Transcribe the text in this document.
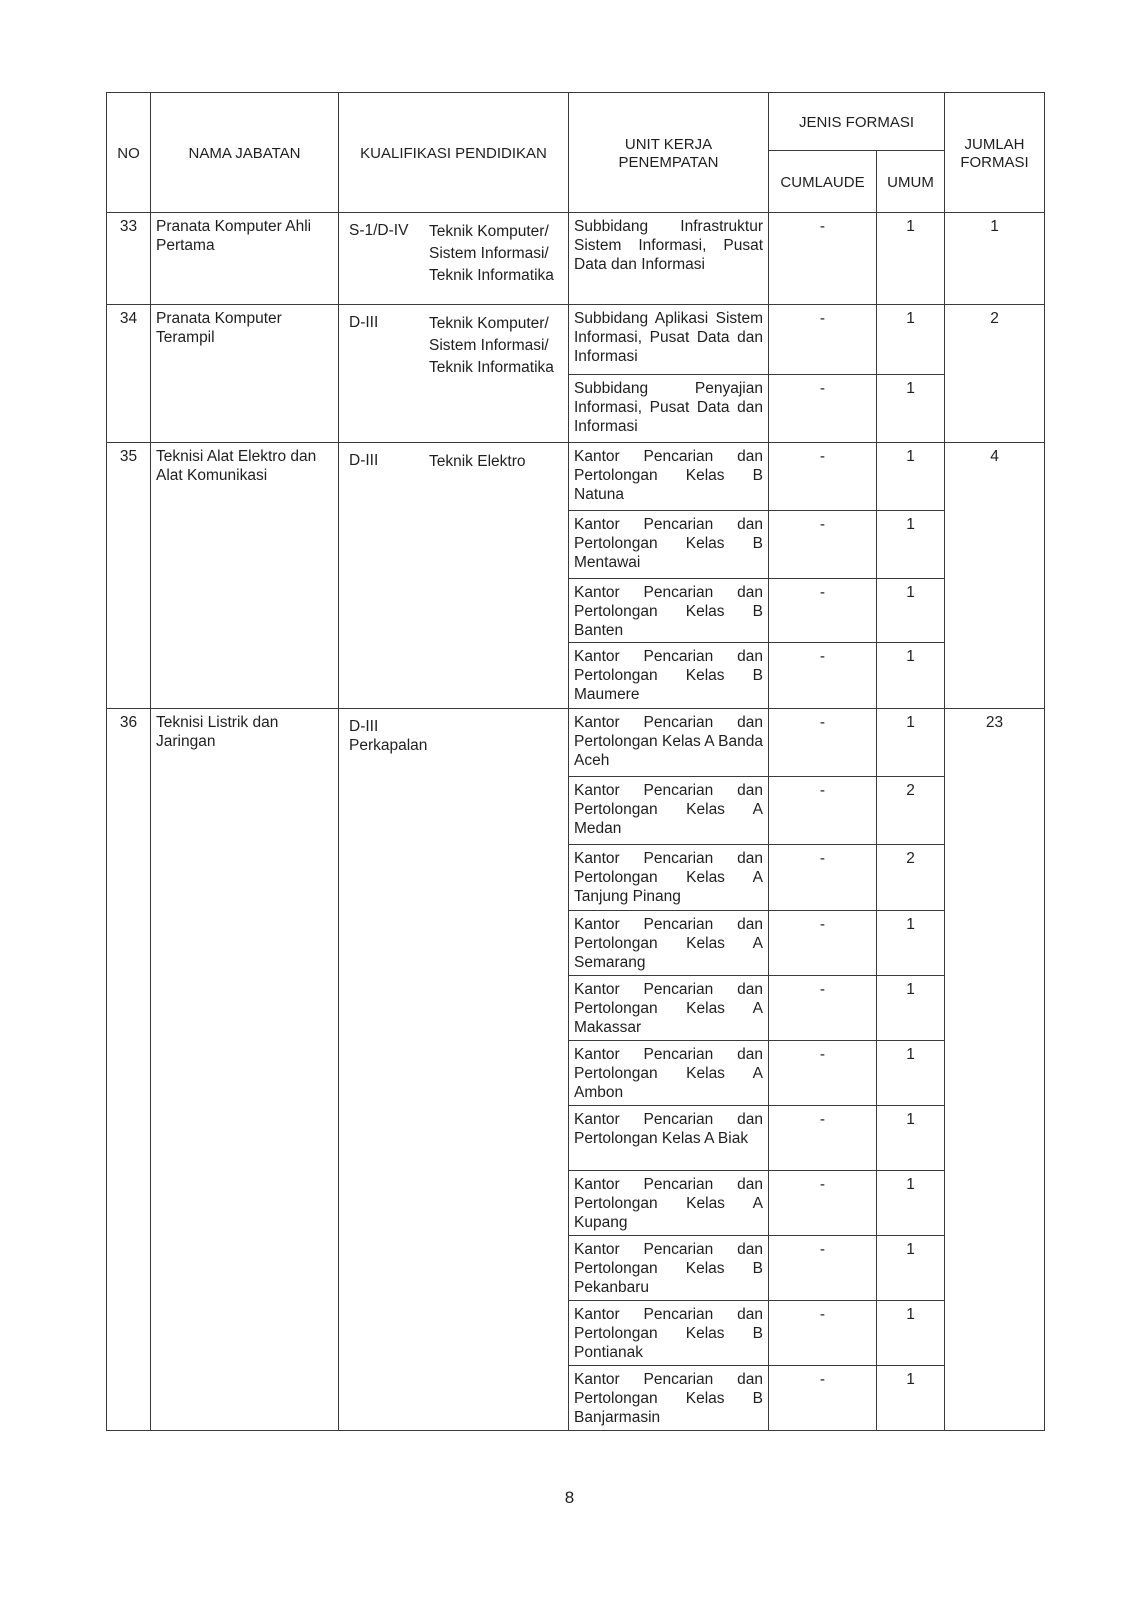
NO	NAMA JABATAN	KUALIFIKASI PENDIDIKAN	UNIT KERJA PENEMPATAN	JENIS FORMASI		JUMLAH FORMASI
				CUMLAUDE	UMUM	
33	Pranata Komputer Ahli Pertama	S-1/D-IV Teknik Komputer/ Sistem Informasi/ Teknik Informatika	Subbidang Infrastruktur Sistem Informasi, Pusat Data dan Informasi	-	1	1
34	Pranata Komputer Terampil	D-III Teknik Komputer/ Sistem Informasi/ Teknik Informatika	Subbidang Aplikasi Sistem Informasi, Pusat Data dan Informasi	-	1	2
			Subbidang Penyajian Informasi, Pusat Data dan Informasi	-	1	
35	Teknisi Alat Elektro dan Alat Komunikasi	D-III Teknik Elektro	Kantor Pencarian dan Pertolongan Kelas B Natuna	-	1	4
			Kantor Pencarian dan Pertolongan Kelas B Mentawai	-	1	
			Kantor Pencarian dan Pertolongan Kelas B Banten	-	1	
			Kantor Pencarian dan Pertolongan Kelas B Maumere	-	1	
36	Teknisi Listrik dan Jaringan	D-III Perkapalan	Kantor Pencarian dan Pertolongan Kelas A Banda Aceh	-	1	23
			Kantor Pencarian dan Pertolongan Kelas A Medan	-	2	
			Kantor Pencarian dan Pertolongan Kelas A Tanjung Pinang	-	2	
			Kantor Pencarian dan Pertolongan Kelas A Semarang	-	1	
			Kantor Pencarian dan Pertolongan Kelas A Makassar	-	1	
			Kantor Pencarian dan Pertolongan Kelas A Ambon	-	1	
			Kantor Pencarian dan Pertolongan Kelas A Biak	-	1	
			Kantor Pencarian dan Pertolongan Kelas A Kupang	-	1	
			Kantor Pencarian dan Pertolongan Kelas B Pekanbaru	-	1	
			Kantor Pencarian dan Pertolongan Kelas B Pontianak	-	1	
			Kantor Pencarian dan Pertolongan Kelas B Banjarmasin	-	1	
8
